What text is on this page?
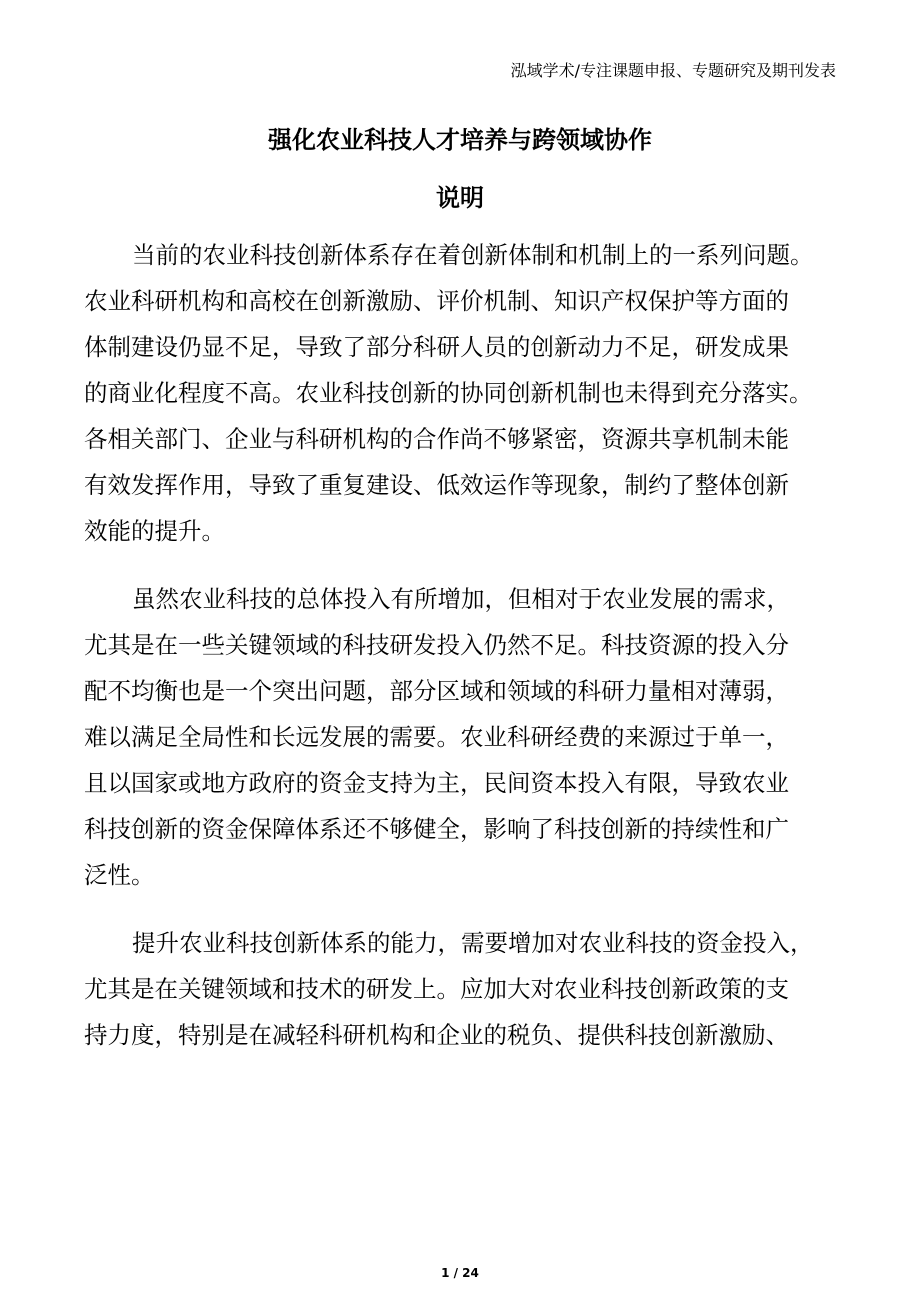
泓域学术/专注课题申报、专题研究及期刊发表
强化农业科技人才培养与跨领域协作
说明
当前的农业科技创新体系存在着创新体制和机制上的一系列问题。
农业科研机构和高校在创新激励、评价机制、知识产权保护等方面的
体制建设仍显不足，导致了部分科研人员的创新动力不足，研发成果
的商业化程度不高。农业科技创新的协同创新机制也未得到充分落实。
各相关部门、企业与科研机构的合作尚不够紧密，资源共享机制未能
有效发挥作用，导致了重复建设、低效运作等现象，制约了整体创新
效能的提升。
虽然农业科技的总体投入有所增加，但相对于农业发展的需求，
尤其是在一些关键领域的科技研发投入仍然不足。科技资源的投入分
配不均衡也是一个突出问题，部分区域和领域的科研力量相对薄弱，
难以满足全局性和长远发展的需要。农业科研经费的来源过于单一，
且以国家或地方政府的资金支持为主，民间资本投入有限，导致农业
科技创新的资金保障体系还不够健全，影响了科技创新的持续性和广
泛性。
提升农业科技创新体系的能力，需要增加对农业科技的资金投入，
尤其是在关键领域和技术的研发上。应加大对农业科技创新政策的支
持力度，特别是在减轻科研机构和企业的税负、提供科技创新激励、
1 / 24
